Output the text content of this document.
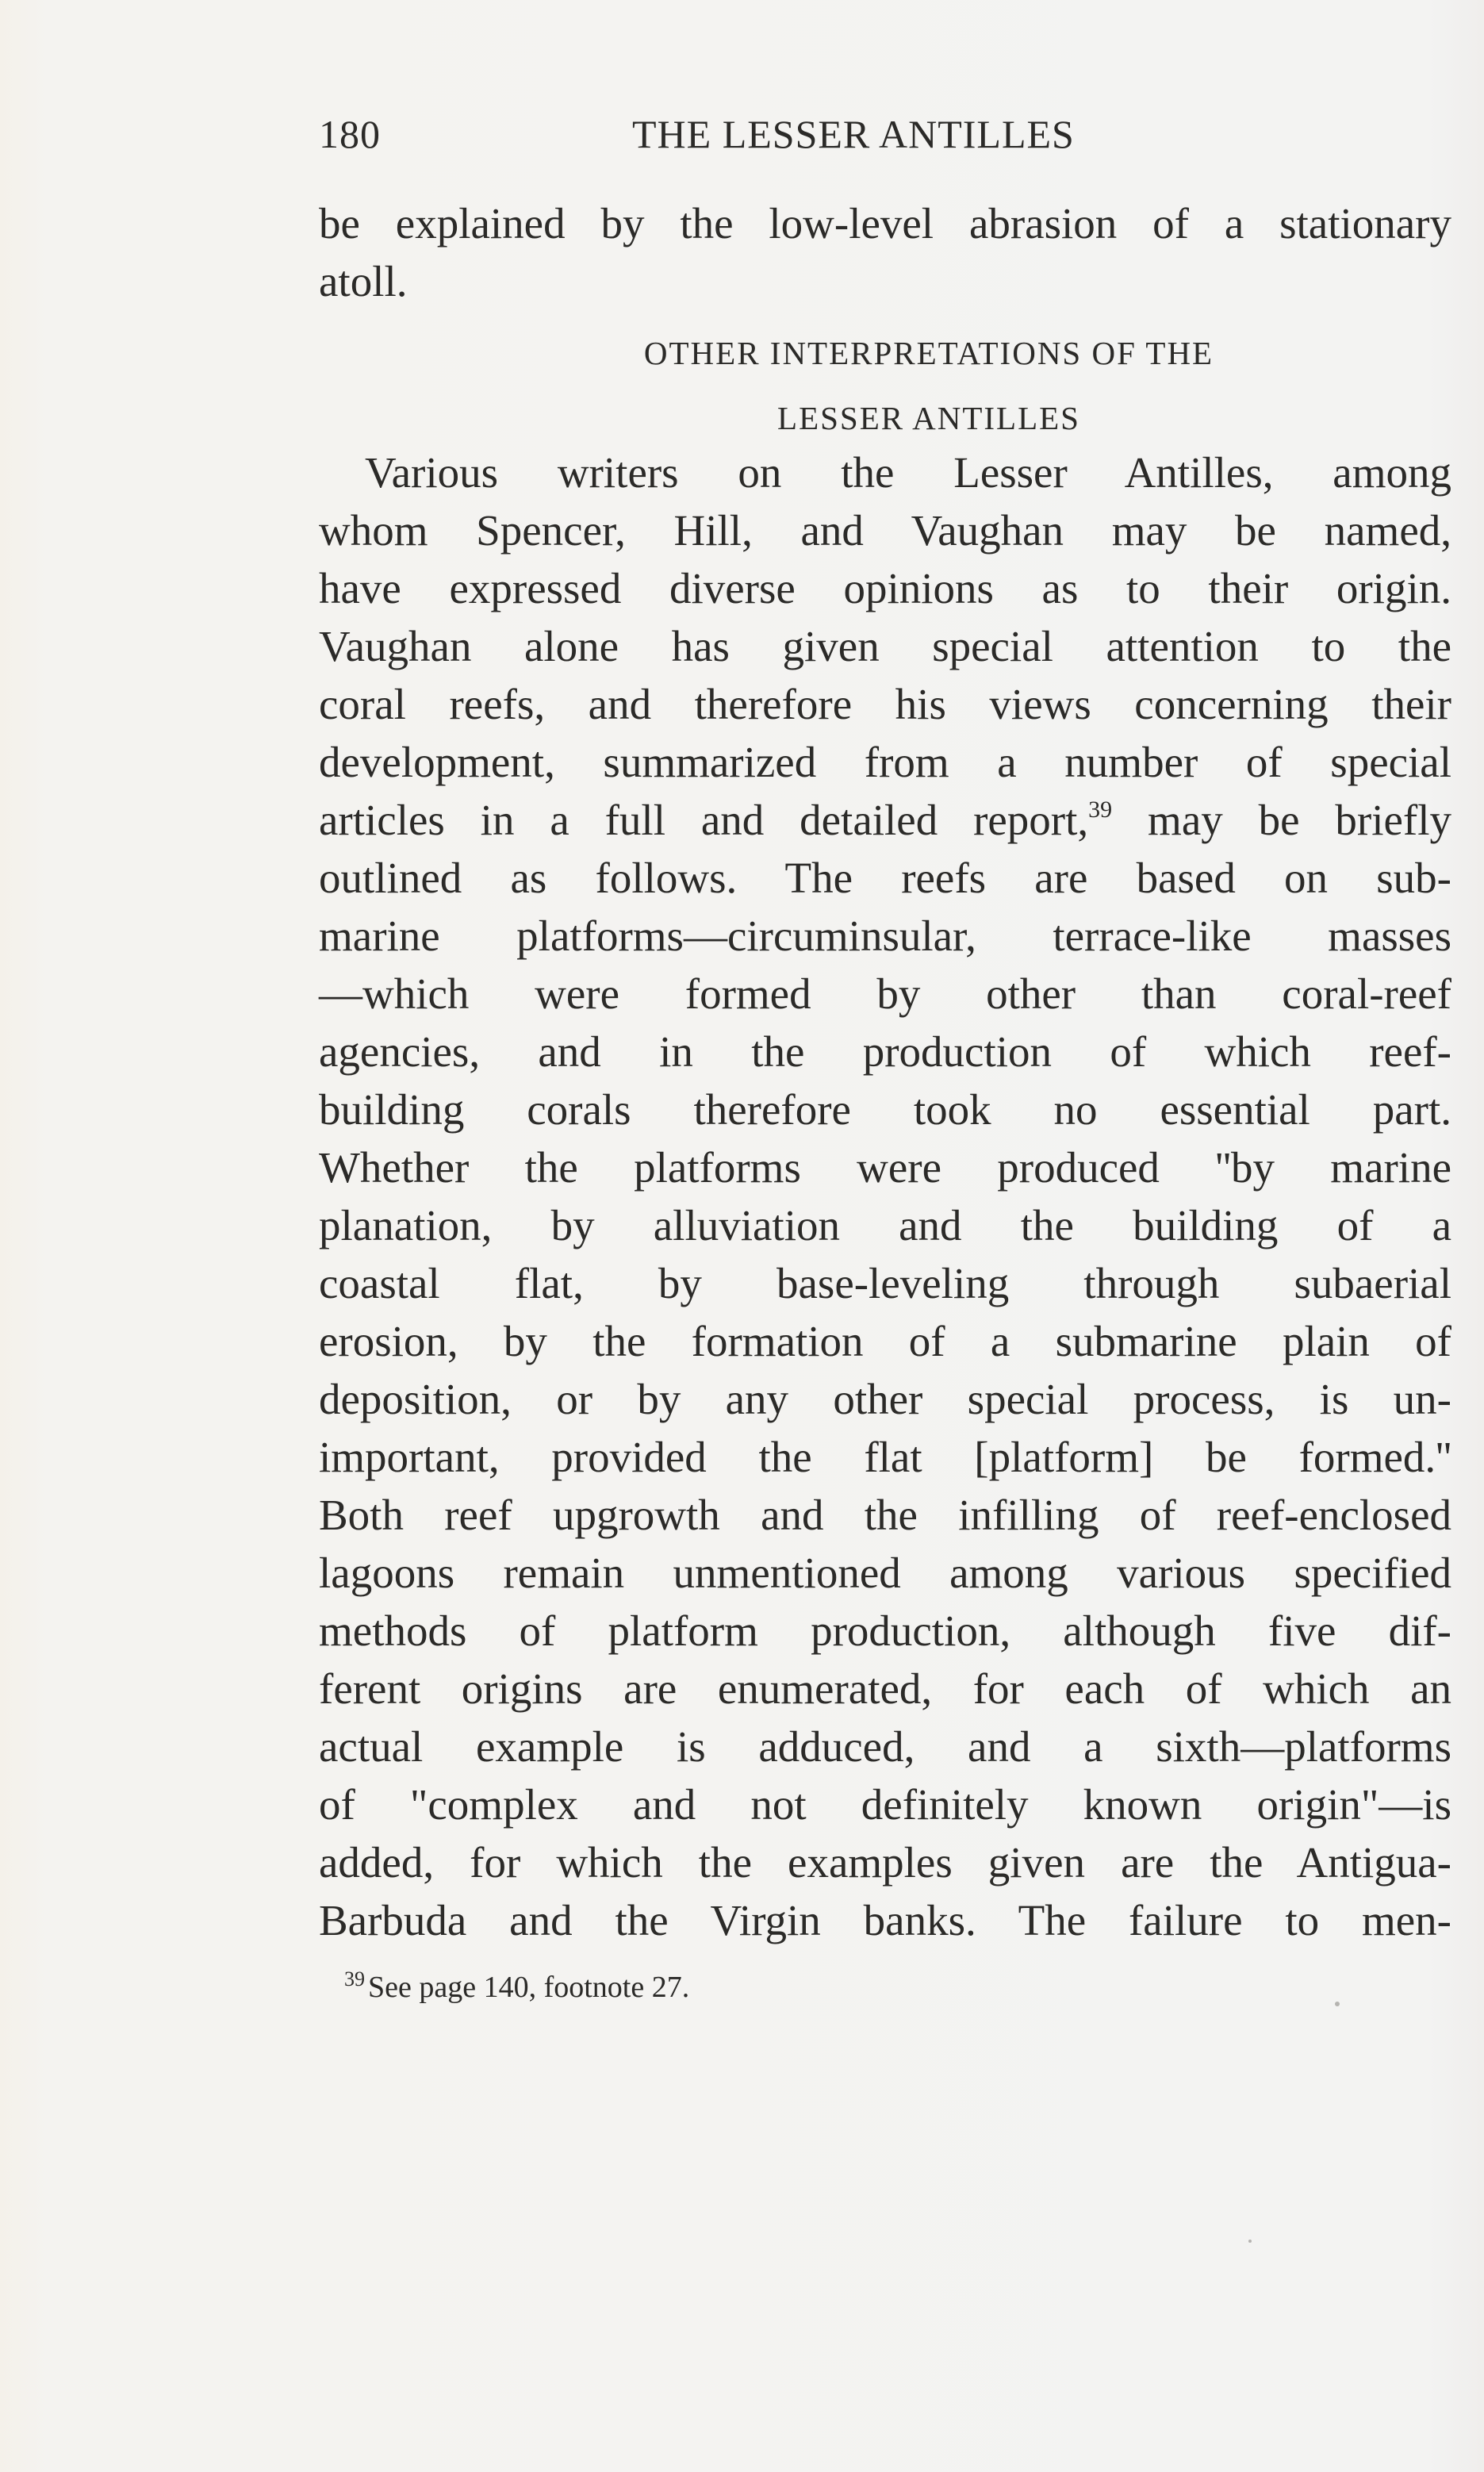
180	THE LESSER ANTILLES
be explained by the low-level abrasion of a stationary
atoll.
OTHER INTERPRETATIONS OF THE
LESSER ANTILLES
Various writers on the Lesser Antilles, among
whom Spencer, Hill, and Vaughan may be named,
have expressed diverse opinions as to their origin.
Vaughan alone has given special attention to the
coral reefs, and therefore his views concerning their
development, summarized from a number of special
articles in a full and detailed report,$^{39}$ may be briefly
outlined as follows. The reefs are based on sub-
marine platforms—circuminsular, terrace-like masses
—which were formed by other than coral-reef
agencies, and in the production of which reef-
building corals therefore took no essential part.
Whether the platforms were produced ''by marine
planation, by alluviation and the building of a
coastal flat, by base-leveling through subaerial
erosion, by the formation of a submarine plain of
deposition, or by any other special process, is un-
important, provided the flat [platform] be formed.''
Both reef upgrowth and the infilling of reef-enclosed
lagoons remain unmentioned among various specified
methods of platform production, although five dif-
ferent origins are enumerated, for each of which an
actual example is adduced, and a sixth—platforms
of "complex and not definitely known origin"—is
added, for which the examples given are the Antigua-
Barbuda and the Virgin banks. The failure to men-
$^{39}$ See page 140, footnote 27.
